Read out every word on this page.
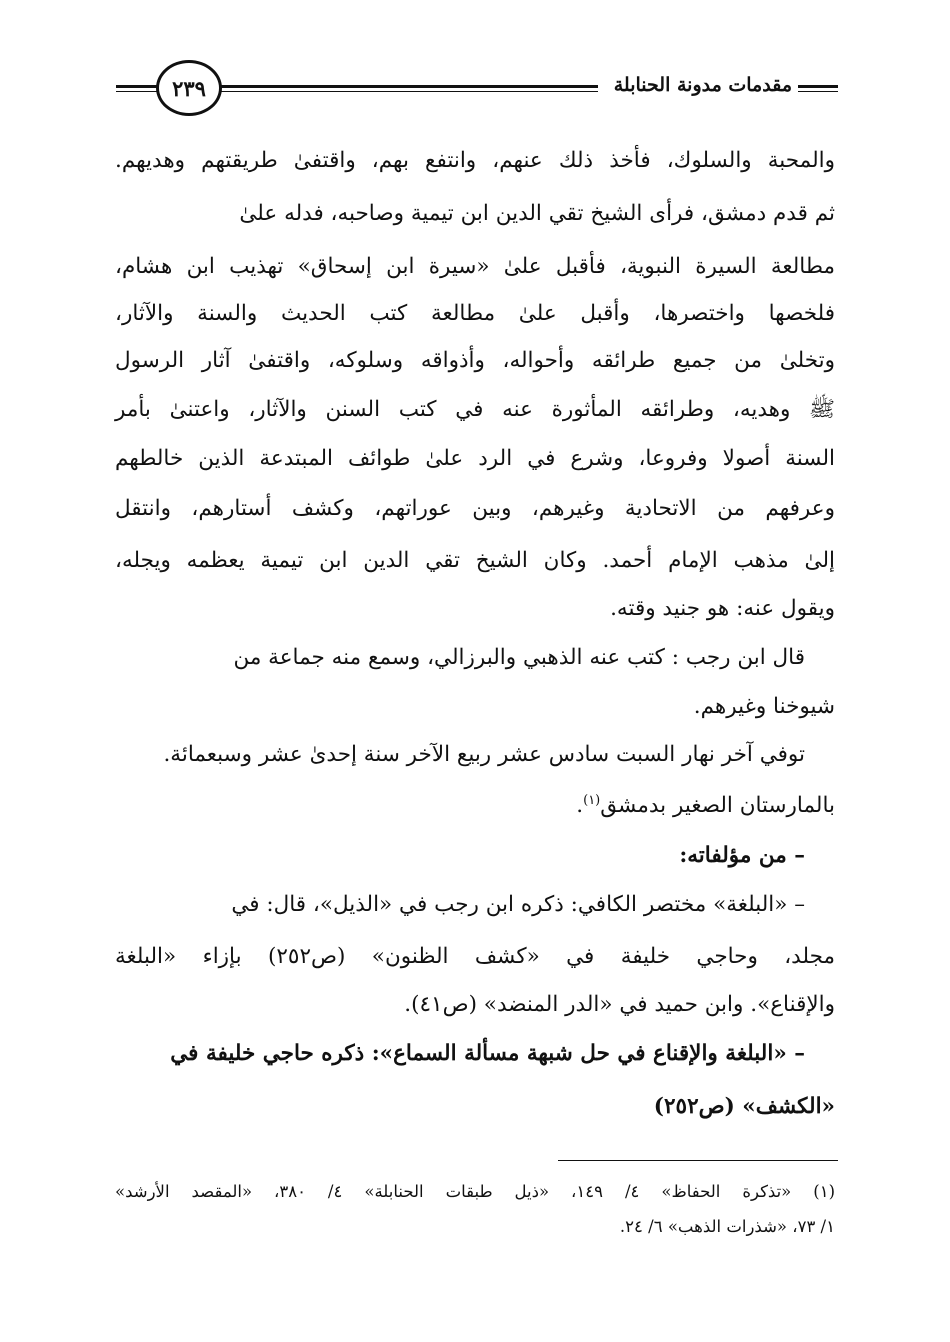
٢٣٩	مقدمات مدونة الحنابلة
والمحبة والسلوك، فأخذ ذلك عنهم، وانتفع بهم، واقتفىٰ طريقتهم وهديهم.
ثم قدم دمشق، فرأى الشيخ تقي الدين ابن تيمية وصاحبه، فدله علىٰ
مطالعة السيرة النبوية، فأقبل علىٰ «سيرة ابن إسحاق» تهذيب ابن هشام،
فلخصها واختصرها، وأقبل علىٰ مطالعة كتب الحديث والسنة والآثار،
وتخلىٰ من جميع طرائقه وأحواله، وأذواقه وسلوكه، واقتفىٰ آثار الرسول
ﷺ وهديه، وطرائقه المأثورة عنه في كتب السنن والآثار، واعتنىٰ بأمر
السنة أصولا وفروعا، وشرع في الرد علىٰ طوائف المبتدعة الذين خالطهم
وعرفهم من الاتحادية وغيرهم، وبين عوراتهم، وكشف أستارهم، وانتقل
إلىٰ مذهب الإمام أحمد. وكان الشيخ تقي الدين ابن تيمية يعظمه ويجله،
ويقول عنه: هو جنيد وقته.
قال ابن رجب : كتب عنه الذهبي والبرزالي، وسمع منه جماعة من
شيوخنا وغيرهم.
توفي آخر نهار السبت سادس عشر ربيع الآخر سنة إحدىٰ عشر وسبعمائة.
بالمارستان الصغير بدمشق$^{(١)}$.
– من مؤلفاته:
– «البلغة» مختصر الكافي: ذكره ابن رجب في «الذيل»، قال: في
مجلد، وحاجي خليفة في «كشف الظنون» (ص٢٥٢) بإزاء «البلغة
والإقناع». وابن حميد في «الدر المنضد» (ص٤١).
– «البلغة والإقناع في حل شبهة مسألة السماع»: ذكره حاجي خليفة في
«الكشف» (ص٢٥٢)
(١) «تذكرة الحفاظ» ٤/ ١٤٩، «ذيل طبقات الحنابلة» ٤/ ٣٨٠، «المقصد الأرشد»
١/ ٧٣، «شذرات الذهب» ٦/ ٢٤.
